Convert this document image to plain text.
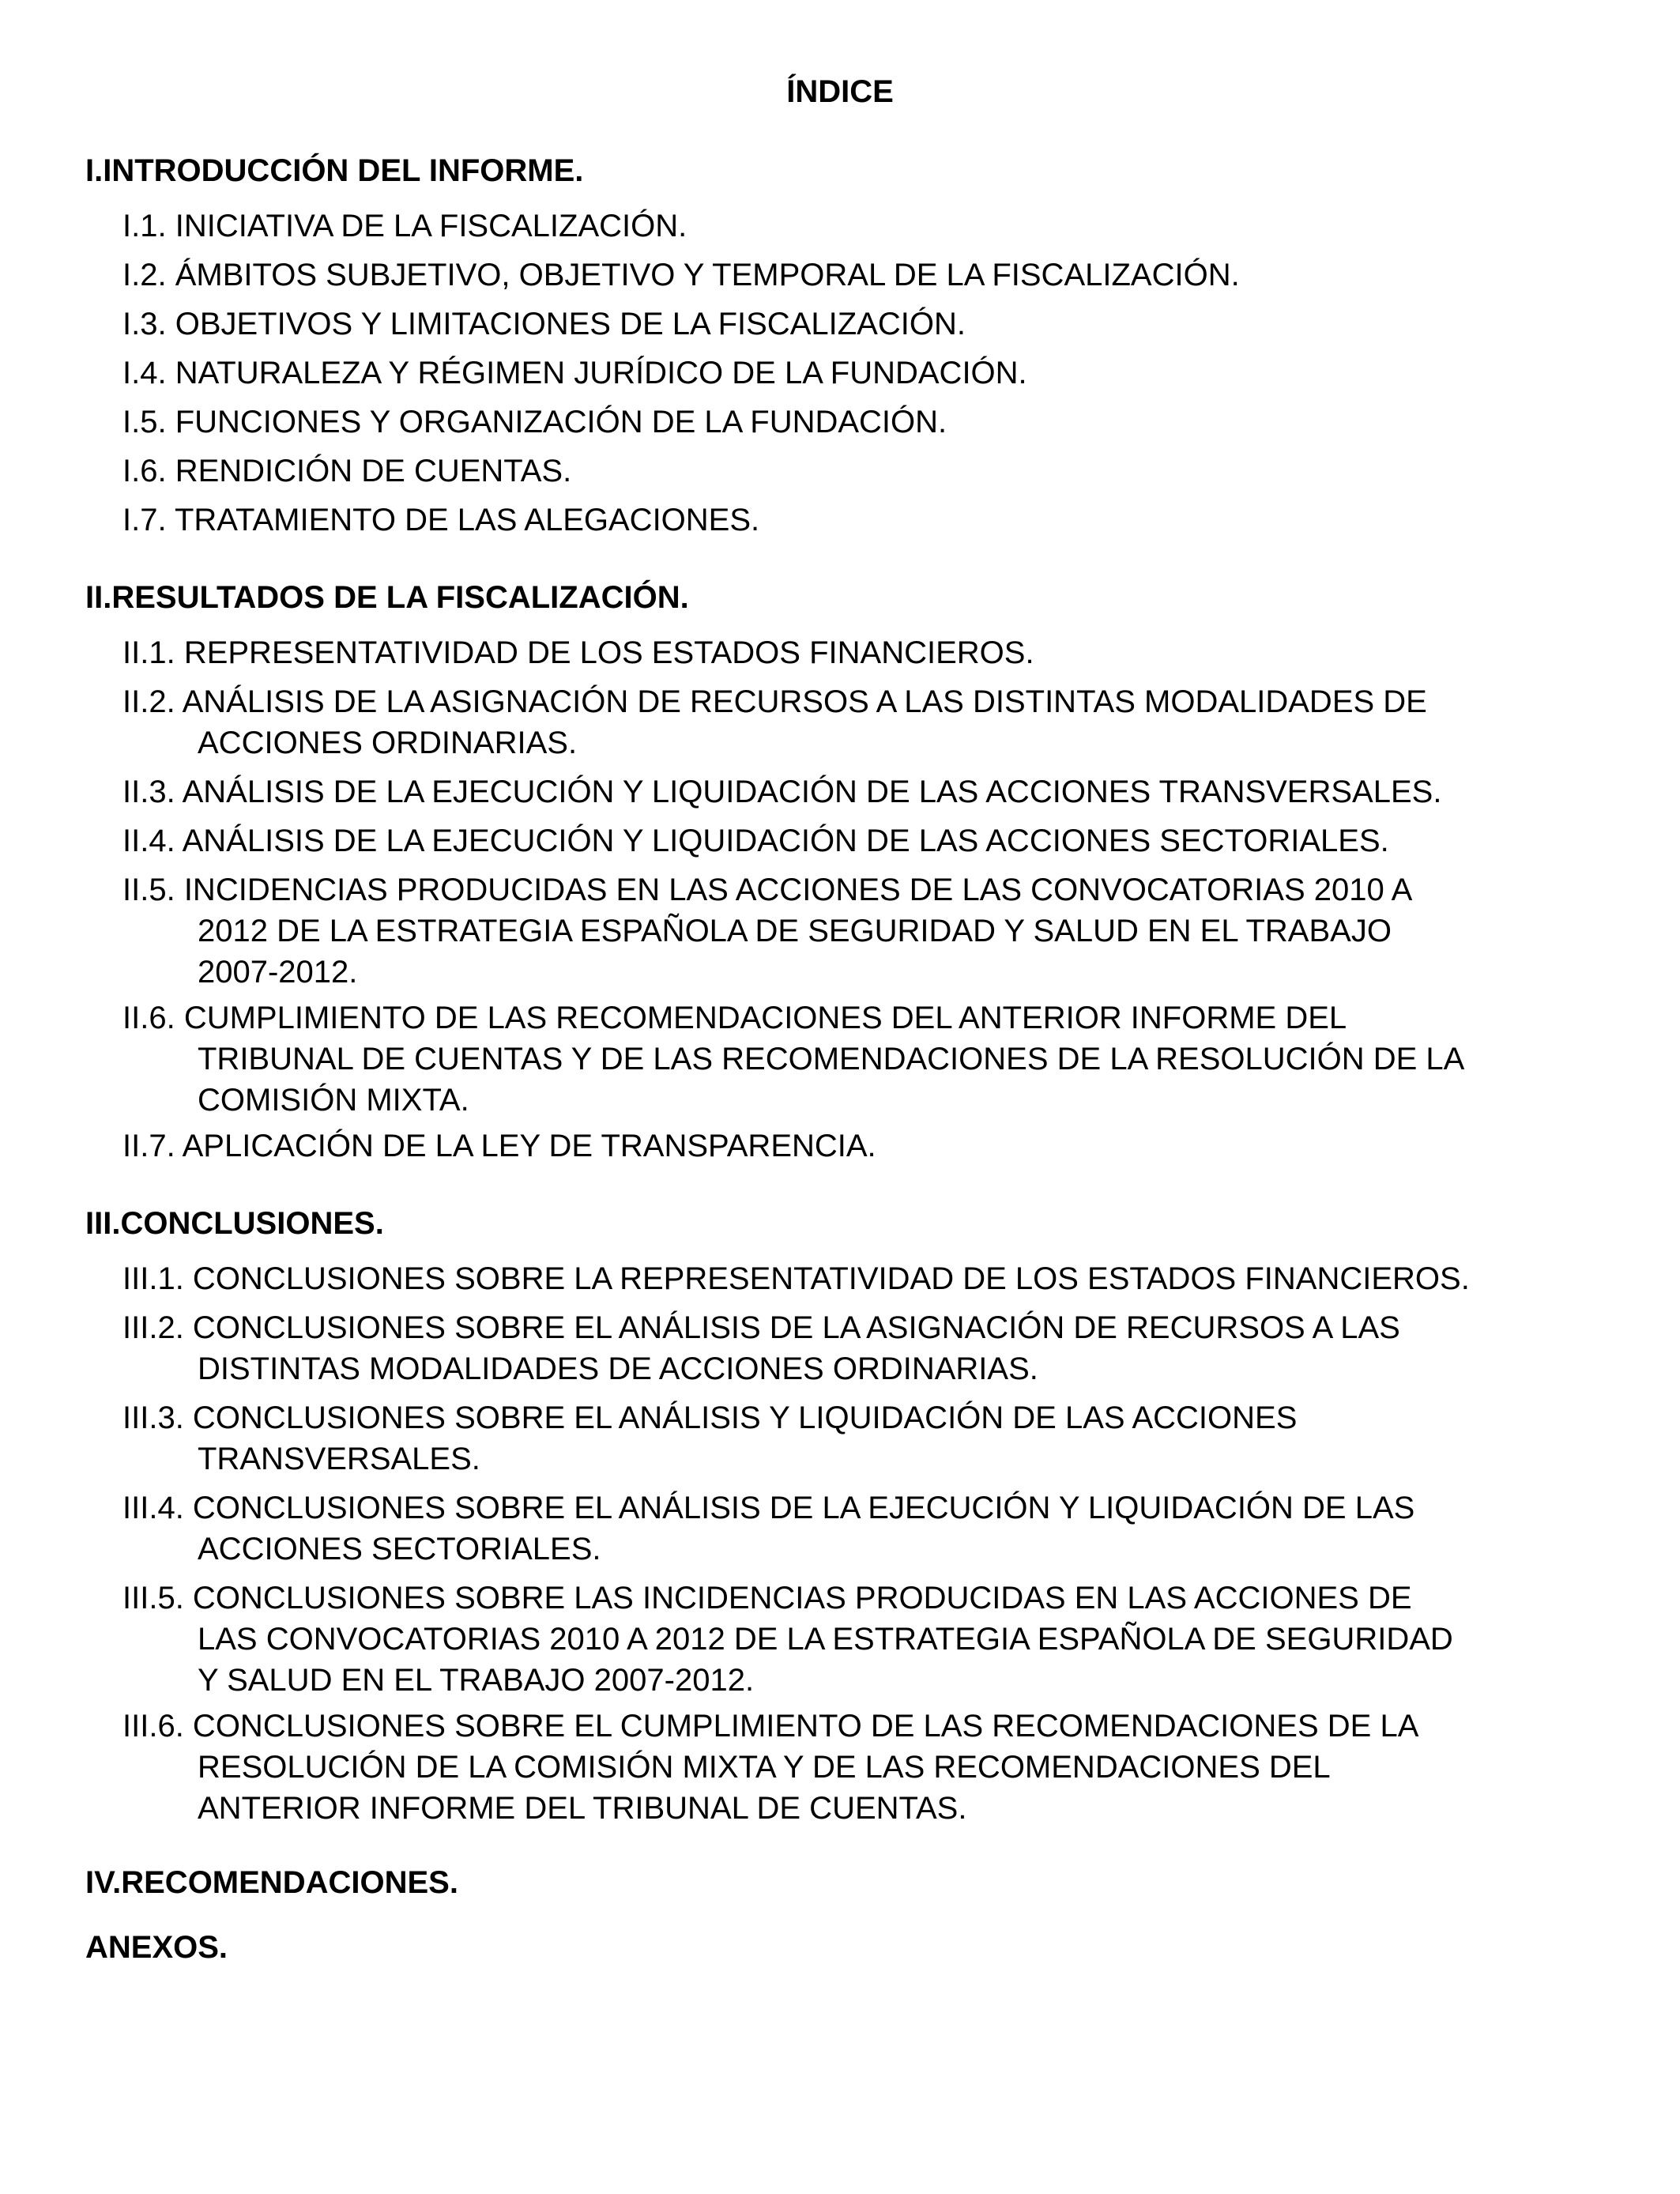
ÍNDICE
I.INTRODUCCIÓN DEL INFORME.
I.1. INICIATIVA DE LA FISCALIZACIÓN.
I.2. ÁMBITOS SUBJETIVO, OBJETIVO Y TEMPORAL DE LA FISCALIZACIÓN.
I.3. OBJETIVOS Y LIMITACIONES DE LA FISCALIZACIÓN.
I.4. NATURALEZA Y RÉGIMEN JURÍDICO DE LA FUNDACIÓN.
I.5. FUNCIONES Y ORGANIZACIÓN DE LA FUNDACIÓN.
I.6. RENDICIÓN DE CUENTAS.
I.7. TRATAMIENTO DE LAS ALEGACIONES.
II.RESULTADOS DE LA FISCALIZACIÓN.
II.1. REPRESENTATIVIDAD DE LOS ESTADOS FINANCIEROS.
II.2. ANÁLISIS DE LA ASIGNACIÓN DE RECURSOS A LAS DISTINTAS MODALIDADES DE
ACCIONES ORDINARIAS.
II.3. ANÁLISIS DE LA EJECUCIÓN Y LIQUIDACIÓN DE LAS ACCIONES TRANSVERSALES.
II.4. ANÁLISIS DE LA EJECUCIÓN Y LIQUIDACIÓN DE LAS ACCIONES SECTORIALES.
II.5. INCIDENCIAS PRODUCIDAS EN LAS ACCIONES DE LAS CONVOCATORIAS 2010 A
2012 DE LA ESTRATEGIA ESPAÑOLA DE SEGURIDAD Y SALUD EN EL TRABAJO
2007-2012.
II.6. CUMPLIMIENTO DE LAS RECOMENDACIONES DEL ANTERIOR INFORME DEL
TRIBUNAL DE CUENTAS Y DE LAS RECOMENDACIONES DE LA RESOLUCIÓN DE LA
COMISIÓN MIXTA.
II.7. APLICACIÓN DE LA LEY DE TRANSPARENCIA.
III.CONCLUSIONES.
III.1. CONCLUSIONES SOBRE LA REPRESENTATIVIDAD DE LOS ESTADOS FINANCIEROS.
III.2. CONCLUSIONES SOBRE EL ANÁLISIS DE LA ASIGNACIÓN DE RECURSOS A LAS
DISTINTAS MODALIDADES DE ACCIONES ORDINARIAS.
III.3. CONCLUSIONES SOBRE EL ANÁLISIS Y LIQUIDACIÓN DE LAS ACCIONES
TRANSVERSALES.
III.4. CONCLUSIONES SOBRE EL ANÁLISIS DE LA EJECUCIÓN Y LIQUIDACIÓN DE LAS
ACCIONES SECTORIALES.
III.5. CONCLUSIONES SOBRE LAS INCIDENCIAS PRODUCIDAS EN LAS ACCIONES DE
LAS CONVOCATORIAS 2010 A 2012 DE LA ESTRATEGIA ESPAÑOLA DE SEGURIDAD
Y SALUD EN EL TRABAJO 2007-2012.
III.6. CONCLUSIONES SOBRE EL CUMPLIMIENTO DE LAS RECOMENDACIONES DE LA
RESOLUCIÓN DE LA COMISIÓN MIXTA Y DE LAS RECOMENDACIONES DEL
ANTERIOR INFORME DEL TRIBUNAL DE CUENTAS.
IV.RECOMENDACIONES.
ANEXOS.
